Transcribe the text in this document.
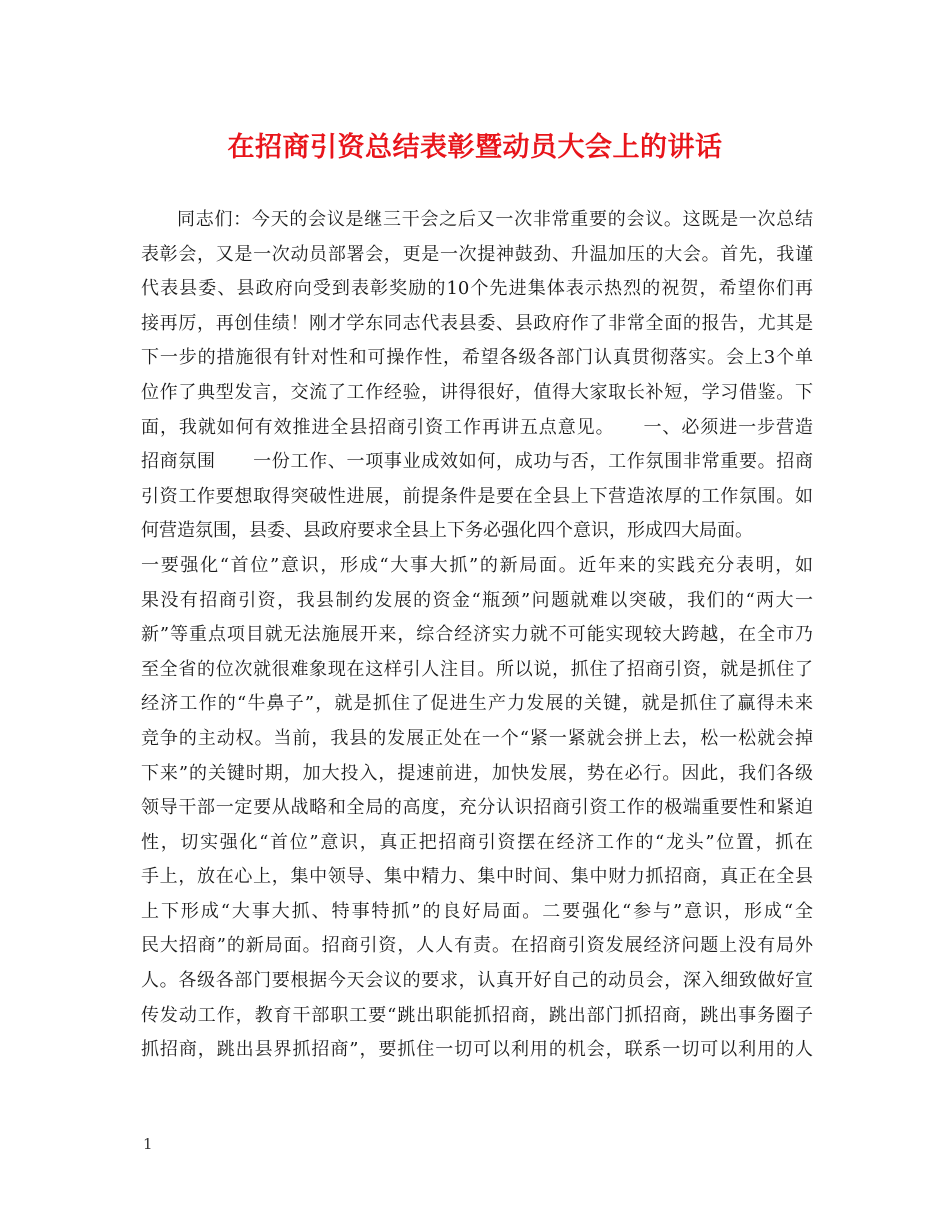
在招商引资总结表彰暨动员大会上的讲话
同志们：今天的会议是继三干会之后又一次非常重要的会议。这既是一次总结
表彰会，又是一次动员部署会，更是一次提神鼓劲、升温加压的大会。首先，我谨
代表县委、县政府向受到表彰奖励的10个先进集体表示热烈的祝贺，希望你们再
接再厉，再创佳绩！刚才学东同志代表县委、县政府作了非常全面的报告，尤其是
下一步的措施很有针对性和可操作性，希望各级各部门认真贯彻落实。会上3个单
位作了典型发言，交流了工作经验，讲得很好，值得大家取长补短，学习借鉴。下
面，我就如何有效推进全县招商引资工作再讲五点意见。　　一、必须进一步营造
招商氛围　　一份工作、一项事业成效如何，成功与否，工作氛围非常重要。招商
引资工作要想取得突破性进展，前提条件是要在全县上下营造浓厚的工作氛围。如
何营造氛围，县委、县政府要求全县上下务必强化四个意识，形成四大局面。
一要强化“首位”意识，形成“大事大抓”的新局面。近年来的实践充分表明，如
果没有招商引资，我县制约发展的资金“瓶颈”问题就难以突破，我们的“两大一
新”等重点项目就无法施展开来，综合经济实力就不可能实现较大跨越，在全市乃
至全省的位次就很难象现在这样引人注目。所以说，抓住了招商引资，就是抓住了
经济工作的“牛鼻子”，就是抓住了促进生产力发展的关键，就是抓住了赢得未来
竞争的主动权。当前，我县的发展正处在一个“紧一紧就会拼上去，松一松就会掉
下来”的关键时期，加大投入，提速前进，加快发展，势在必行。因此，我们各级
领导干部一定要从战略和全局的高度，充分认识招商引资工作的极端重要性和紧迫
性，切实强化“首位”意识，真正把招商引资摆在经济工作的“龙头”位置，抓在
手上，放在心上，集中领导、集中精力、集中时间、集中财力抓招商，真正在全县
上下形成“大事大抓、特事特抓”的良好局面。二要强化“参与”意识，形成“全
民大招商”的新局面。招商引资，人人有责。在招商引资发展经济问题上没有局外
人。各级各部门要根据今天会议的要求，认真开好自己的动员会，深入细致做好宣
传发动工作，教育干部职工要“跳出职能抓招商，跳出部门抓招商，跳出事务圈子
抓招商，跳出县界抓招商”，要抓住一切可以利用的机会，联系一切可以利用的人
1
